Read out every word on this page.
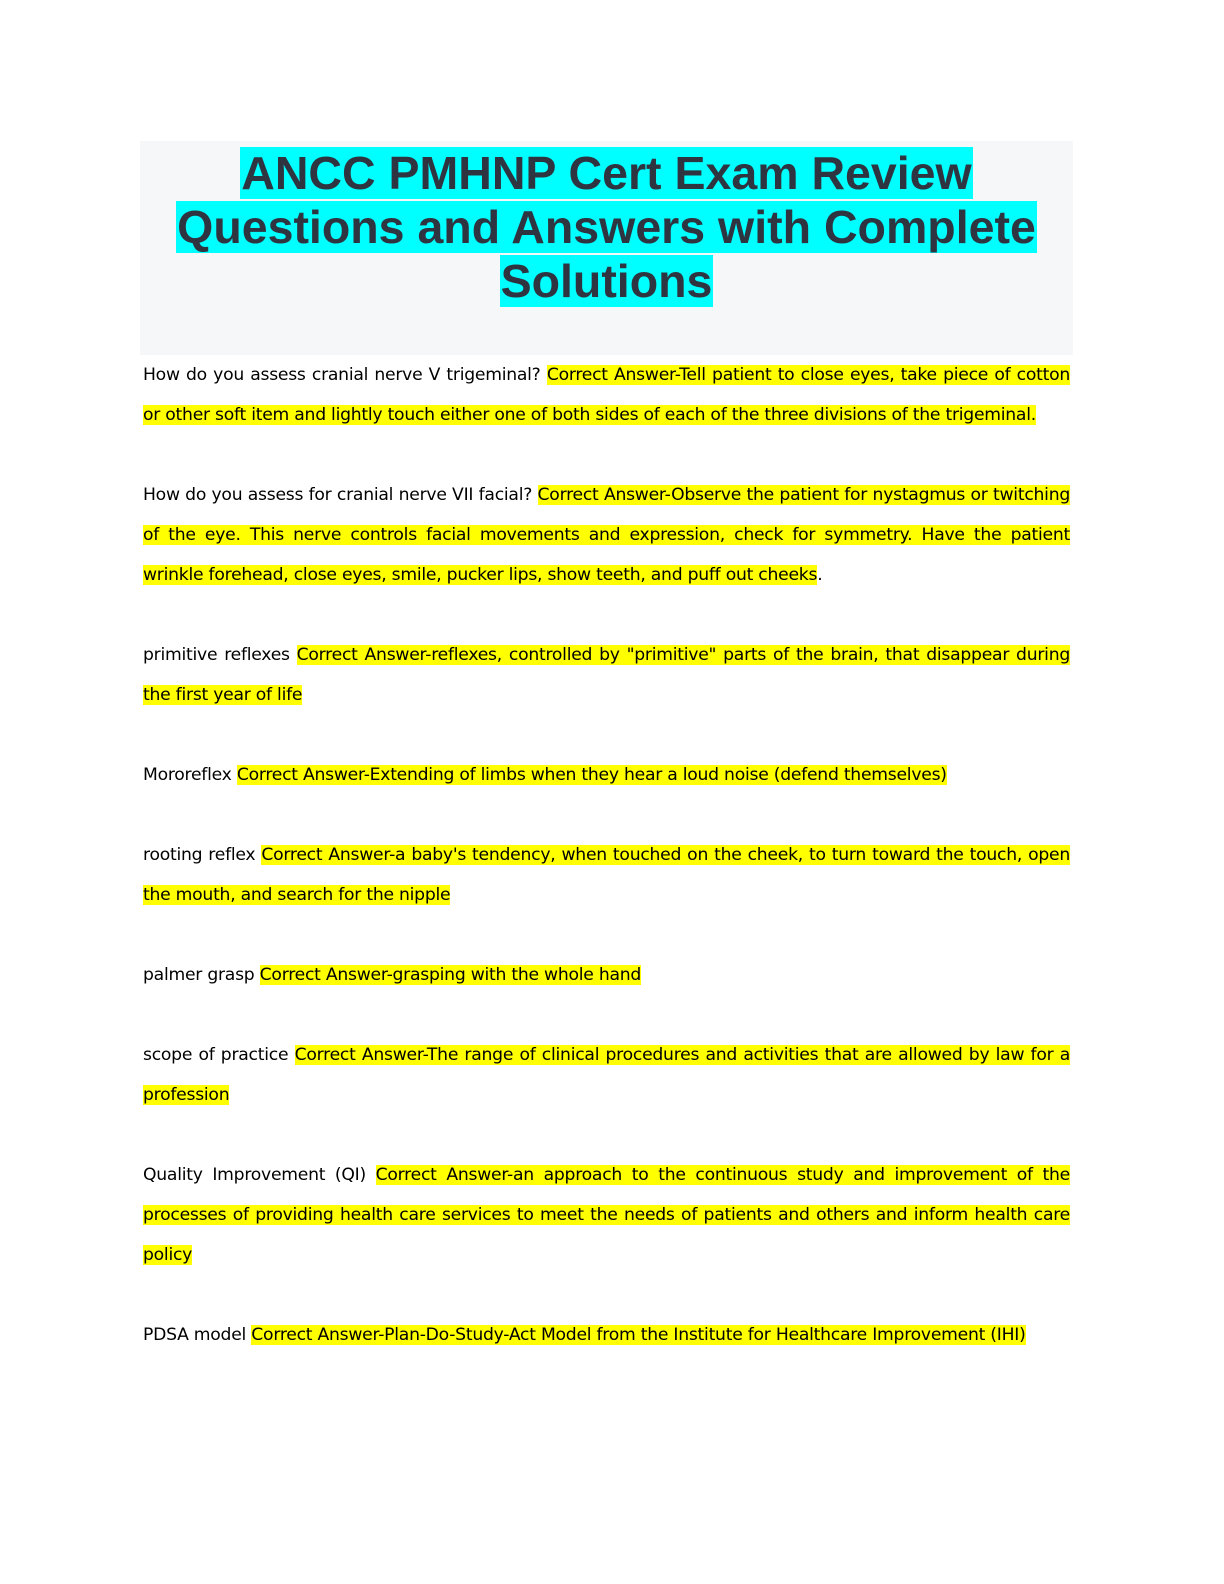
ANCC PMHNP Cert Exam Review Questions and Answers with Complete Solutions
How do you assess cranial nerve V trigeminal? Correct Answer-Tell patient to close eyes, take piece of cotton or other soft item and lightly touch either one of both sides of each of the three divisions of the trigeminal.
How do you assess for cranial nerve VII facial? Correct Answer-Observe the patient for nystagmus or twitching of the eye. This nerve controls facial movements and expression, check for symmetry. Have the patient wrinkle forehead, close eyes, smile, pucker lips, show teeth, and puff out cheeks.
primitive reflexes Correct Answer-reflexes, controlled by "primitive" parts of the brain, that disappear during the first year of life
Mororeflex Correct Answer-Extending of limbs when they hear a loud noise (defend themselves)
rooting reflex Correct Answer-a baby's tendency, when touched on the cheek, to turn toward the touch, open the mouth, and search for the nipple
palmer grasp Correct Answer-grasping with the whole hand
scope of practice Correct Answer-The range of clinical procedures and activities that are allowed by law for a profession
Quality Improvement (QI) Correct Answer-an approach to the continuous study and improvement of the processes of providing health care services to meet the needs of patients and others and inform health care policy
PDSA model Correct Answer-Plan-Do-Study-Act Model from the Institute for Healthcare Improvement (IHI)
